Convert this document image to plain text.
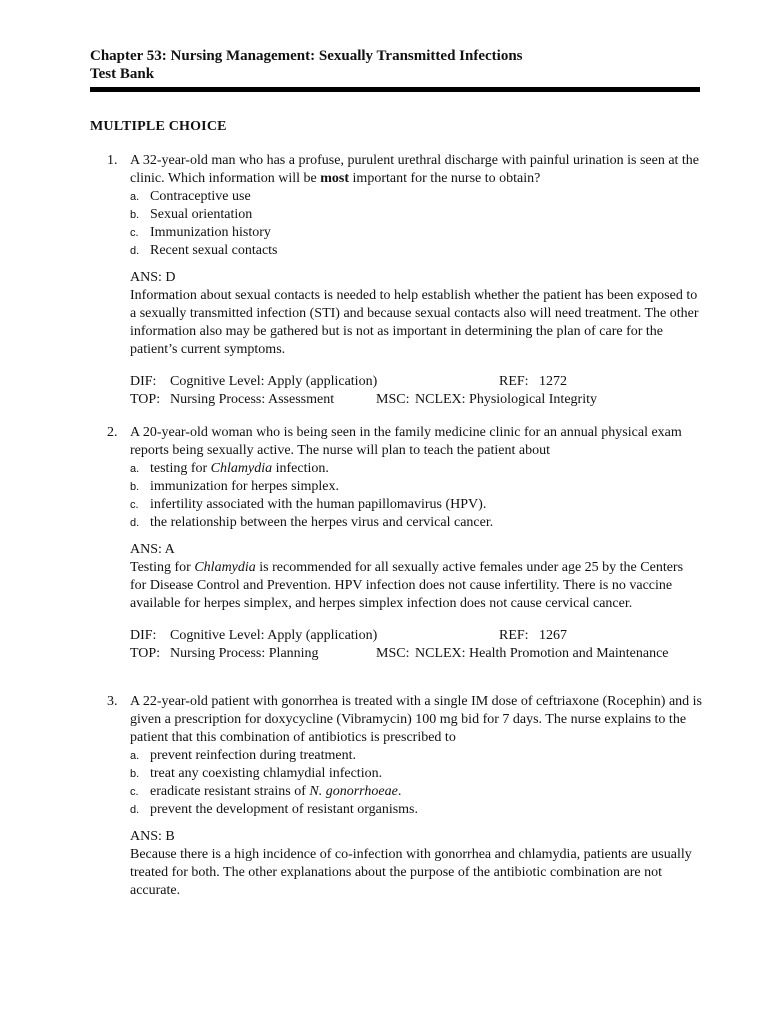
Chapter 53: Nursing Management: Sexually Transmitted Infections
Test Bank
MULTIPLE CHOICE
1. A 32-year-old man who has a profuse, purulent urethral discharge with painful urination is seen at the clinic. Which information will be most important for the nurse to obtain?

a. Contraceptive use
b. Sexual orientation
c. Immunization history
d. Recent sexual contacts
ANS: D

Information about sexual contacts is needed to help establish whether the patient has been exposed to a sexually transmitted infection (STI) and because sexual contacts also will need treatment. The other information also may be gathered but is not as important in determining the plan of care for the patient’s current symptoms.

DIF: Cognitive Level: Apply (application)	REF: 1272
TOP: Nursing Process: Assessment	MSC: NCLEX: Physiological Integrity
2. A 20-year-old woman who is being seen in the family medicine clinic for an annual physical exam reports being sexually active. The nurse will plan to teach the patient about

a. testing for Chlamydia infection.
b. immunization for herpes simplex.
c. infertility associated with the human papillomavirus (HPV).
d. the relationship between the herpes virus and cervical cancer.
ANS: A

Testing for Chlamydia is recommended for all sexually active females under age 25 by the Centers for Disease Control and Prevention. HPV infection does not cause infertility. There is no vaccine available for herpes simplex, and herpes simplex infection does not cause cervical cancer.

DIF: Cognitive Level: Apply (application)	REF: 1267
TOP: Nursing Process: Planning	MSC: NCLEX: Health Promotion and Maintenance
3. A 22-year-old patient with gonorrhea is treated with a single IM dose of ceftriaxone (Rocephin) and is given a prescription for doxycycline (Vibramycin) 100 mg bid for 7 days. The nurse explains to the patient that this combination of antibiotics is prescribed to

a. prevent reinfection during treatment.
b. treat any coexisting chlamydial infection.
c. eradicate resistant strains of N. gonorrhoeae.
d. prevent the development of resistant organisms.
ANS: B

Because there is a high incidence of co-infection with gonorrhea and chlamydia, patients are usually treated for both. The other explanations about the purpose of the antibiotic combination are not accurate.
